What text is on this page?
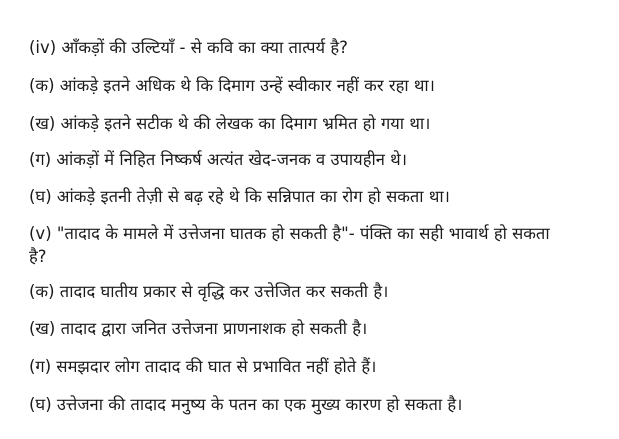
(iv) आँकड़ों की उल्टियाँ - से कवि का क्या तात्पर्य है?

(क) आंकड़े इतने अधिक थे कि दिमाग उन्हें स्वीकार नहीं कर रहा था।

(ख) आंकड़े इतने सटीक थे की लेखक का दिमाग भ्रमित हो गया था।

(ग) आंकड़ों में निहित निष्कर्ष अत्यंत खेद-जनक व उपायहीन थे।

(घ) आंकड़े इतनी तेज़ी से बढ़ रहे थे कि सन्निपात का रोग हो सकता था।

(v) "तादाद के मामले में उत्तेजना घातक हो सकती है"- पंक्ति का सही भावार्थ हो सकता है?

(क) तादाद घातीय प्रकार से वृद्धि कर उत्तेजित कर सकती है।

(ख) तादाद द्वारा जनित उत्तेजना प्राणनाशक हो सकती है।

(ग) समझदार लोग तादाद की घात से प्रभावित नहीं होते हैं।

(घ) उत्तेजना की तादाद मनुष्य के पतन का एक मुख्य कारण हो सकता है।
